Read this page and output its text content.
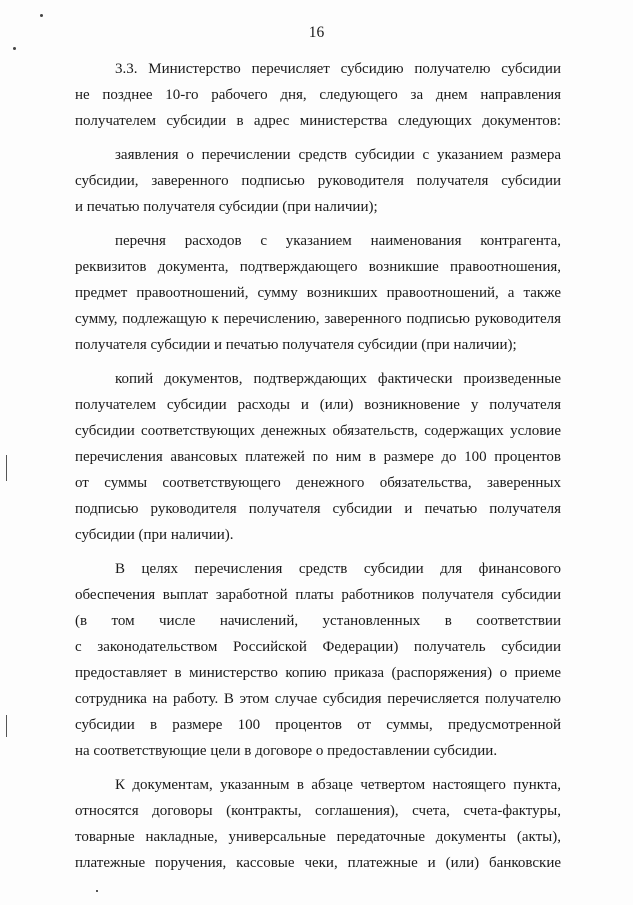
16
3.3. Министерство перечисляет субсидию получателю субсидии
не позднее 10-го рабочего дня, следующего за днем направления
получателем субсидии в адрес министерства следующих документов:
заявления о перечислении средств субсидии с указанием размера
субсидии, заверенного подписью руководителя получателя субсидии
и печатью получателя субсидии (при наличии);
перечня расходов с указанием наименования контрагента,
реквизитов документа, подтверждающего возникшие правоотношения,
предмет правоотношений, сумму возникших правоотношений, а также
сумму, подлежащую к перечислению, заверенного подписью руководителя
получателя субсидии и печатью получателя субсидии (при наличии);
копий документов, подтверждающих фактически произведенные
получателем субсидии расходы и (или) возникновение у получателя
субсидии соответствующих денежных обязательств, содержащих условие
перечисления авансовых платежей по ним в размере до 100 процентов
от суммы соответствующего денежного обязательства, заверенных
подписью руководителя получателя субсидии и печатью получателя
субсидии (при наличии).
В целях перечисления средств субсидии для финансового
обеспечения выплат заработной платы работников получателя субсидии
(в том числе начислений, установленных в соответствии
с законодательством Российской Федерации) получатель субсидии
предоставляет в министерство копию приказа (распоряжения) о приеме
сотрудника на работу. В этом случае субсидия перечисляется получателю
субсидии в размере 100 процентов от суммы, предусмотренной
на соответствующие цели в договоре о предоставлении субсидии.
К документам, указанным в абзаце четвертом настоящего пункта,
относятся договоры (контракты, соглашения), счета, счета-фактуры,
товарные накладные, универсальные передаточные документы (акты),
платежные поручения, кассовые чеки, платежные и (или) банковские
